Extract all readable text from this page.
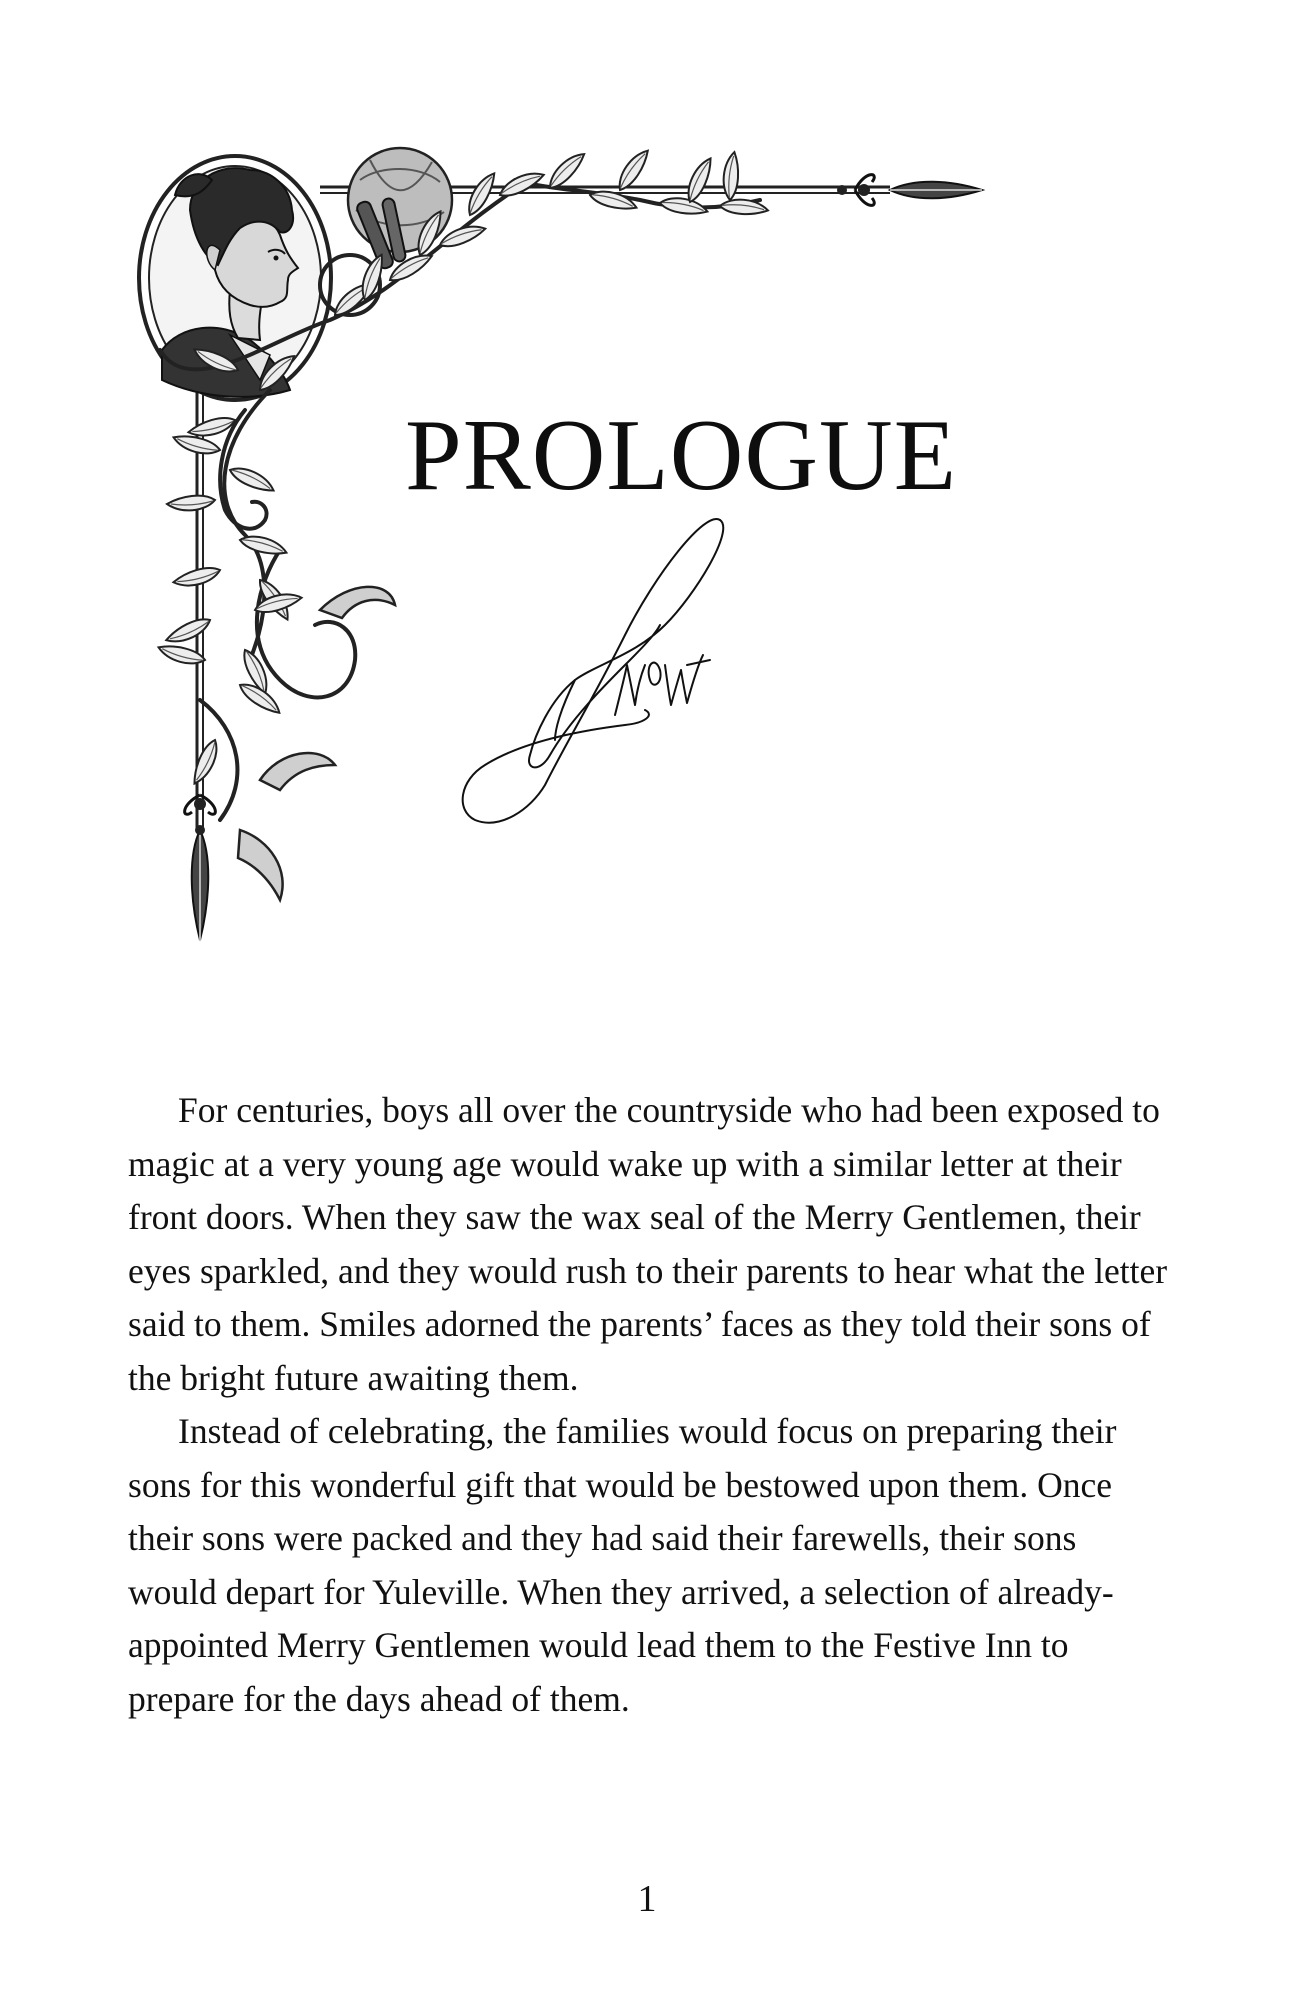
PROLOGUE

For centuries, boys all over the countryside who had been exposed to magic at a very young age would wake up with a similar letter at their front doors. When they saw the wax seal of the Merry Gentlemen, their eyes sparkled, and they would rush to their parents to hear what the letter said to them. Smiles adorned the parents’ faces as they told their sons of the bright future awaiting them.

Instead of celebrating, the families would focus on preparing their sons for this wonderful gift that would be bestowed upon them. Once their sons were packed and they had said their farewells, their sons would depart for Yuleville. When they arrived, a selection of already-appointed Merry Gentlemen would lead them to the Festive Inn to prepare for the days ahead of them.

1
